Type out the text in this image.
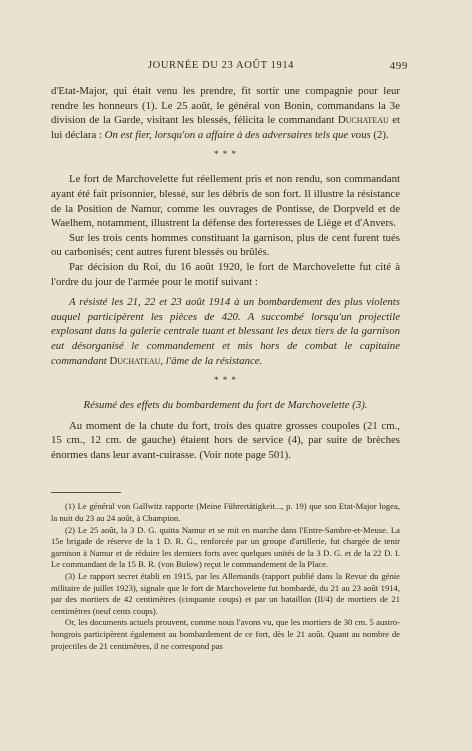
JOURNÉE DU 23 AOÛT 1914	499

d'Etat-Major, qui était venu les prendre, fit sortir une compagnie pour leur rendre les honneurs (1). Le 25 août, le général von Bonin, commandans la 3e division de la Garde, visitant les blessés, félicita le commandant Duchateau et lui déclara : On est fier, lorsqu'on a affaire à des adversaires tels que vous (2).

* * *

Le fort de Marchovelette fut réellement pris et non rendu, son commandant ayant été fait prisonnier, blessé, sur les débris de son fort. Il illustre la résistance de la Position de Namur, comme les ouvrages de Pontisse, de Dorpveld et de Waelhem, notamment, illustrent la défense des forteresses de Liège et d'Anvers.

Sur les trois cents hommes constituant la garnison, plus de cent furent tués ou carbonisés; cent autres furent blessés ou brûlés.

Par décision du Roi, du 16 août 1920, le fort de Marchovelette fut cité à l'ordre du jour de l'armée pour le motif suivant :

A résisté les 21, 22 et 23 août 1914 à un bombardement des plus violents auquel participèrent les pièces de 420. A succombé lorsqu'un projectile explosant dans la galerie centrale tuant et blessant les deux tiers de la garnison eut désorganisé le commandement et mis hors de combat le capitaine commandant Duchateau, l'âme de la résistance.

* * *

Résumé des effets du bombardement du fort de Marchovelette (3).

Au moment de la chute du fort, trois des quatre grosses coupoles (21 cm., 15 cm., 12 cm. de gauche) étaient hors de service (4), par suite de brèches énormes dans leur avant-cuirasse. (Voir note page 501).

(1) Le général von Gallwitz rapporte (Meine Führertätigkeit..., p. 19) que son Etat-Major logea, la nuit du 23 au 24 août, à Champion.

(2) Le 25 août, la 3 D. G. quitta Namur et se mit en marche dans l'Entre-Sambre-et-Meuse. La 15e brigade de réserve de la 1 D. R. G., renforcée par un groupe d'artillerie, fut chargée de tenir garnison à Namur et de réduire les derniers forts avec quelques unités de la 3 D. G. et de la 22 D. I. Le commandant de la 15 B. R. (von Bulow) reçut le commandement de la Place.

(3) Le rapport secret établi en 1915, par les Allemands (rapport publié dans la Revue du génie militaire de juillet 1923), signale que le fort de Marchovelette fut bombardé, du 21 au 23 août 1914, par des mortiers de 42 centimètres (cinquante coups) et par un bataillon (II/4) de mortiers de 21 centimètres (neuf cents coups).

Or, les documents actuels prouvent, comme nous l'avons vu, que les mortiers de 30 cm. 5 austro-hongrois participèrent également au bombardement de ce fort, dès le 21 août. Quant au nombre de projectiles de 21 centimètres, il ne correspond pas
